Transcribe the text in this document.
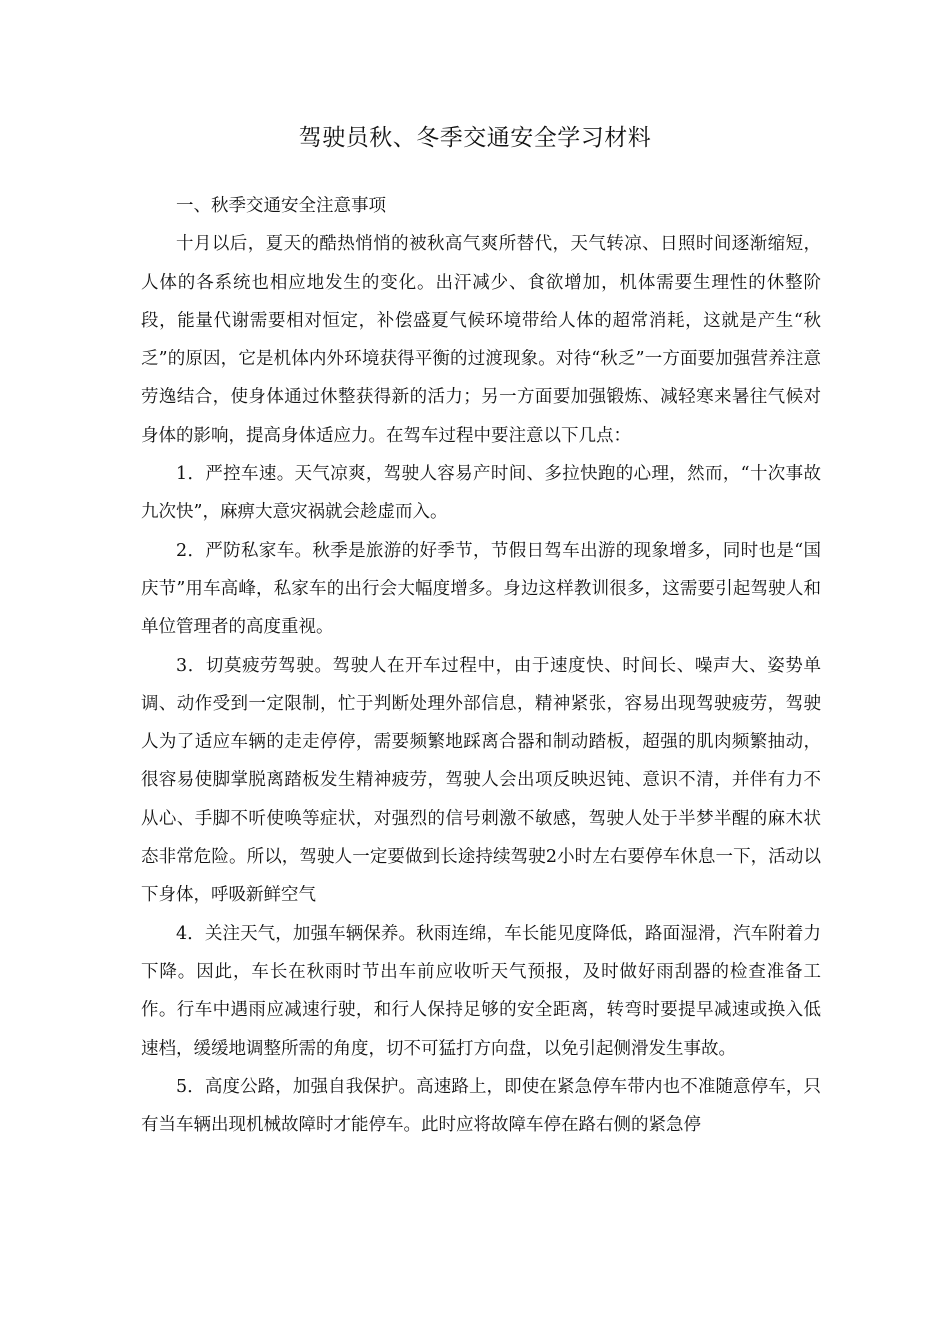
驾驶员秋、冬季交通安全学习材料

一、秋季交通安全注意事项

十月以后，夏天的酷热悄悄的被秋高气爽所替代，天气转凉、日照时间逐渐缩短，人体的各系统也相应地发生的变化。出汗减少、食欲增加，机体需要生理性的休整阶段，能量代谢需要相对恒定，补偿盛夏气候环境带给人体的超常消耗，这就是产生“秋乏”的原因，它是机体内外环境获得平衡的过渡现象。对待“秋乏”一方面要加强营养注意劳逸结合，使身体通过休整获得新的活力；另一方面要加强锻炼、减轻寒来暑往气候对身体的影响，提高身体适应力。在驾车过程中要注意以下几点：

1．严控车速。天气凉爽，驾驶人容易产时间、多拉快跑的心理，然而，“十次事故九次快”，麻痹大意灾祸就会趁虚而入。

2．严防私家车。秋季是旅游的好季节，节假日驾车出游的现象增多，同时也是“国庆节”用车高峰，私家车的出行会大幅度增多。身边这样教训很多，这需要引起驾驶人和单位管理者的高度重视。

3．切莫疲劳驾驶。驾驶人在开车过程中，由于速度快、时间长、噪声大、姿势单调、动作受到一定限制，忙于判断处理外部信息，精神紧张，容易出现驾驶疲劳，驾驶人为了适应车辆的走走停停，需要频繁地踩离合器和制动踏板，超强的肌肉频繁抽动，很容易使脚掌脱离踏板发生精神疲劳，驾驶人会出项反映迟钝、意识不清，并伴有力不从心、手脚不听使唤等症状，对强烈的信号刺激不敏感，驾驶人处于半梦半醒的麻木状态非常危险。所以，驾驶人一定要做到长途持续驾驶2小时左右要停车休息一下，活动以下身体，呼吸新鲜空气

4．关注天气，加强车辆保养。秋雨连绵，车长能见度降低，路面湿滑，汽车附着力下降。因此，车长在秋雨时节出车前应收听天气预报，及时做好雨刮器的检查准备工作。行车中遇雨应减速行驶，和行人保持足够的安全距离，转弯时要提早减速或换入低速档，缓缓地调整所需的角度，切不可猛打方向盘，以免引起侧滑发生事故。

5．高度公路，加强自我保护。高速路上，即使在紧急停车带内也不准随意停车，只有当车辆出现机械故障时才能停车。此时应将故障车停在路右侧的紧急停
